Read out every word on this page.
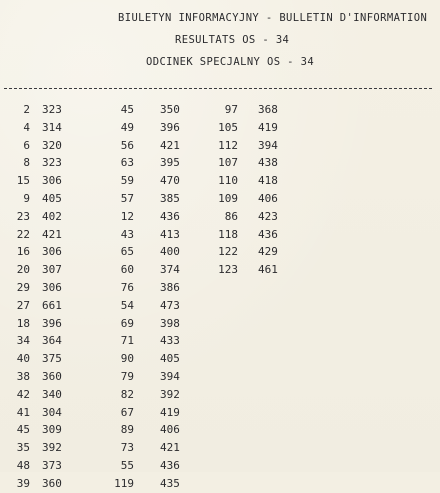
BIULETYN INFORMACYJNY - BULLETIN D'INFORMATION
RESULTATS OS - 34
ODCINEK SPECJALNY OS - 34
2 323
4 314
6 320
8 323
15 306
9 405
23 402
22 421
16 306
20 307
29 306
27 661
18 396
34 364
40 375
38 360
42 340
41 304
45 309
35 392
48 373
39 360
45 350
49 396
56 421
63 395
59 470
57 385
12 436
43 413
65 400
60 374
76 386
54 473
69 398
71 433
90 405
79 394
82 392
67 419
89 406
73 421
55 436
119 435
97 368
105 419
112 394
107 438
110 418
109 406
86 423
118 436
122 429
123 461
